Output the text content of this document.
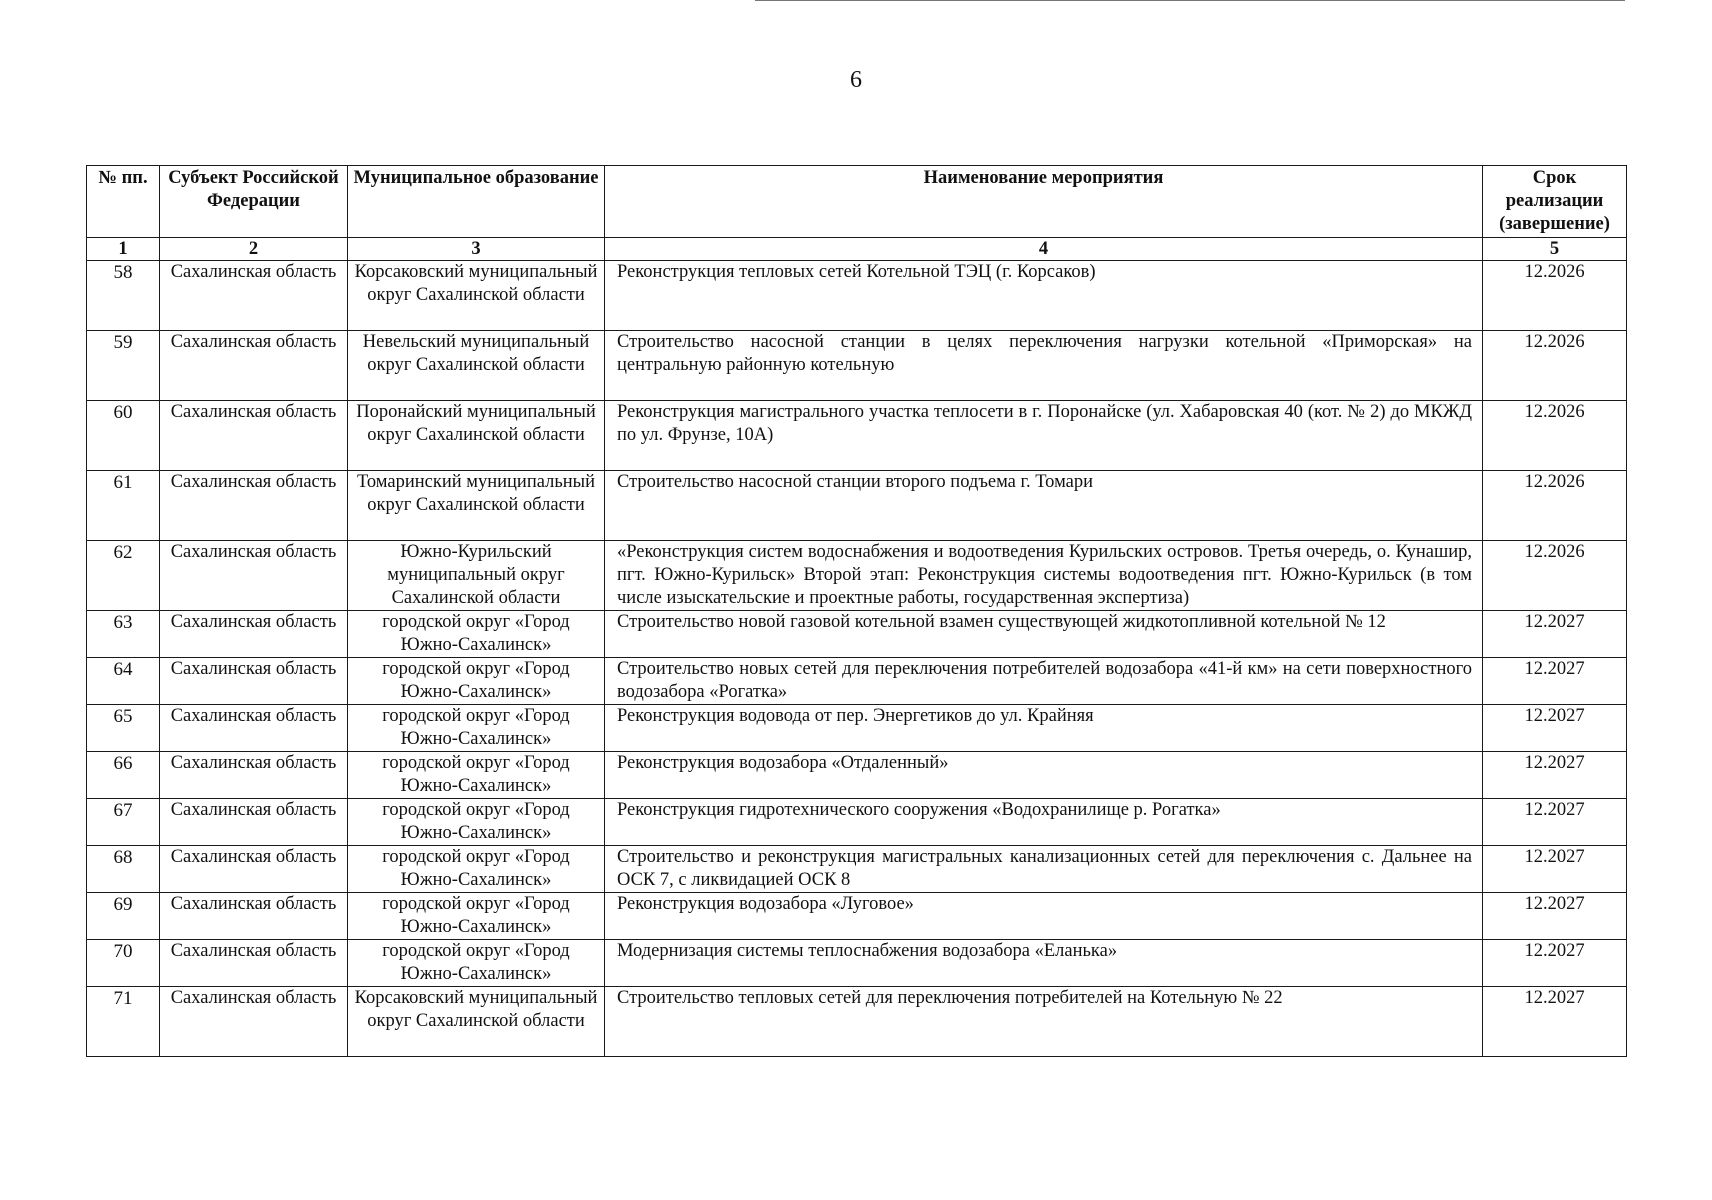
6
№ пп.	Субъект Российской Федерации	Муниципальное образование	Наименование мероприятия	Срок реализации (завершение)
1	2	3	4	5
58	Сахалинская область	Корсаковский муниципальный округ Сахалинской области	Реконструкция тепловых сетей Котельной ТЭЦ (г. Корсаков)	12.2026
59	Сахалинская область	Невельский муниципальный округ Сахалинской области	Строительство насосной станции в целях переключения нагрузки котельной «Приморская» на центральную районную котельную	12.2026
60	Сахалинская область	Поронайский муниципальный округ Сахалинской области	Реконструкция магистрального участка теплосети в г. Поронайске (ул. Хабаровская 40 (кот. № 2) до МКЖД по ул. Фрунзе, 10А)	12.2026
61	Сахалинская область	Томаринский муниципальный округ Сахалинской области	Строительство насосной станции второго подъема г. Томари	12.2026
62	Сахалинская область	Южно-Курильский муниципальный округ Сахалинской области	«Реконструкция систем водоснабжения и водоотведения Курильских островов. Третья очередь, о. Кунашир, пгт. Южно-Курильск» Второй этап: Реконструкция системы водоотведения пгт. Южно-Курильск (в том числе изыскательские и проектные работы, государственная экспертиза)	12.2026
63	Сахалинская область	городской округ «Город Южно-Сахалинск»	Строительство новой газовой котельной взамен существующей жидкотопливной котельной № 12	12.2027
64	Сахалинская область	городской округ «Город Южно-Сахалинск»	Строительство новых сетей для переключения потребителей водозабора «41-й км» на сети поверхностного водозабора «Рогатка»	12.2027
65	Сахалинская область	городской округ «Город Южно-Сахалинск»	Реконструкция водовода от пер. Энергетиков до ул. Крайняя	12.2027
66	Сахалинская область	городской округ «Город Южно-Сахалинск»	Реконструкция водозабора «Отдаленный»	12.2027
67	Сахалинская область	городской округ «Город Южно-Сахалинск»	Реконструкция гидротехнического сооружения «Водохранилище р. Рогатка»	12.2027
68	Сахалинская область	городской округ «Город Южно-Сахалинск»	Строительство и реконструкция магистральных канализационных сетей для переключения с. Дальнее на ОСК 7, с ликвидацией ОСК 8	12.2027
69	Сахалинская область	городской округ «Город Южно-Сахалинск»	Реконструкция водозабора «Луговое»	12.2027
70	Сахалинская область	городской округ «Город Южно-Сахалинск»	Модернизация системы теплоснабжения водозабора «Еланька»	12.2027
71	Сахалинская область	Корсаковский муниципальный округ Сахалинской области	Строительство тепловых сетей для переключения потребителей на Котельную № 22	12.2027
